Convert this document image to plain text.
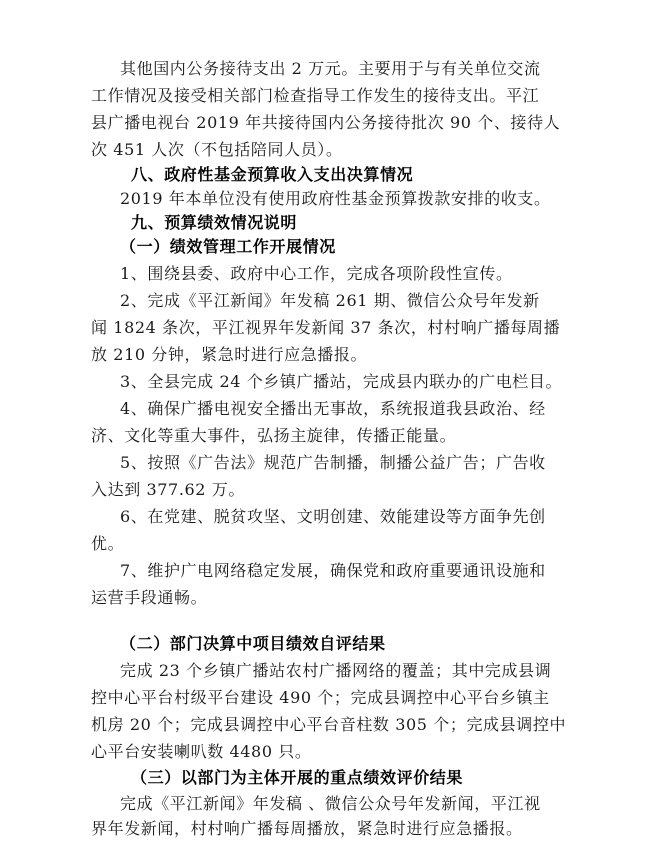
其他国内公务接待支出 2 万元。主要用于与有关单位交流
工作情况及接受相关部门检查指导工作发生的接待支出。平江
县广播电视台 2019 年共接待国内公务接待批次 90 个、接待人
次 451 人次（不包括陪同人员）。
八、政府性基金预算收入支出决算情况
2019 年本单位没有使用政府性基金预算拨款安排的收支。
九、预算绩效情况说明
（一）绩效管理工作开展情况
1、围绕县委、政府中心工作，完成各项阶段性宣传。
2、完成《平江新闻》年发稿 261 期、微信公众号年发新
闻 1824 条次，平江视界年发新闻 37 条次，村村响广播每周播
放 210 分钟，紧急时进行应急播报。
3、全县完成 24 个乡镇广播站，完成县内联办的广电栏目。
4、确保广播电视安全播出无事故，系统报道我县政治、经
济、文化等重大事件，弘扬主旋律，传播正能量。
5、按照《广告法》规范广告制播，制播公益广告；广告收
入达到 377.62 万。
6、在党建、脱贫攻坚、文明创建、效能建设等方面争先创
优。
7、维护广电网络稳定发展，确保党和政府重要通讯设施和
运营手段通畅。
（二）部门决算中项目绩效自评结果
完成 23 个乡镇广播站农村广播网络的覆盖；其中完成县调
控中心平台村级平台建设 490 个；完成县调控中心平台乡镇主
机房 20 个；完成县调控中心平台音柱数 305 个；完成县调控中
心平台安装喇叭数 4480 只。
（三）以部门为主体开展的重点绩效评价结果
完成《平江新闻》年发稿 、微信公众号年发新闻，平江视
界年发新闻，村村响广播每周播放，紧急时进行应急播报。
